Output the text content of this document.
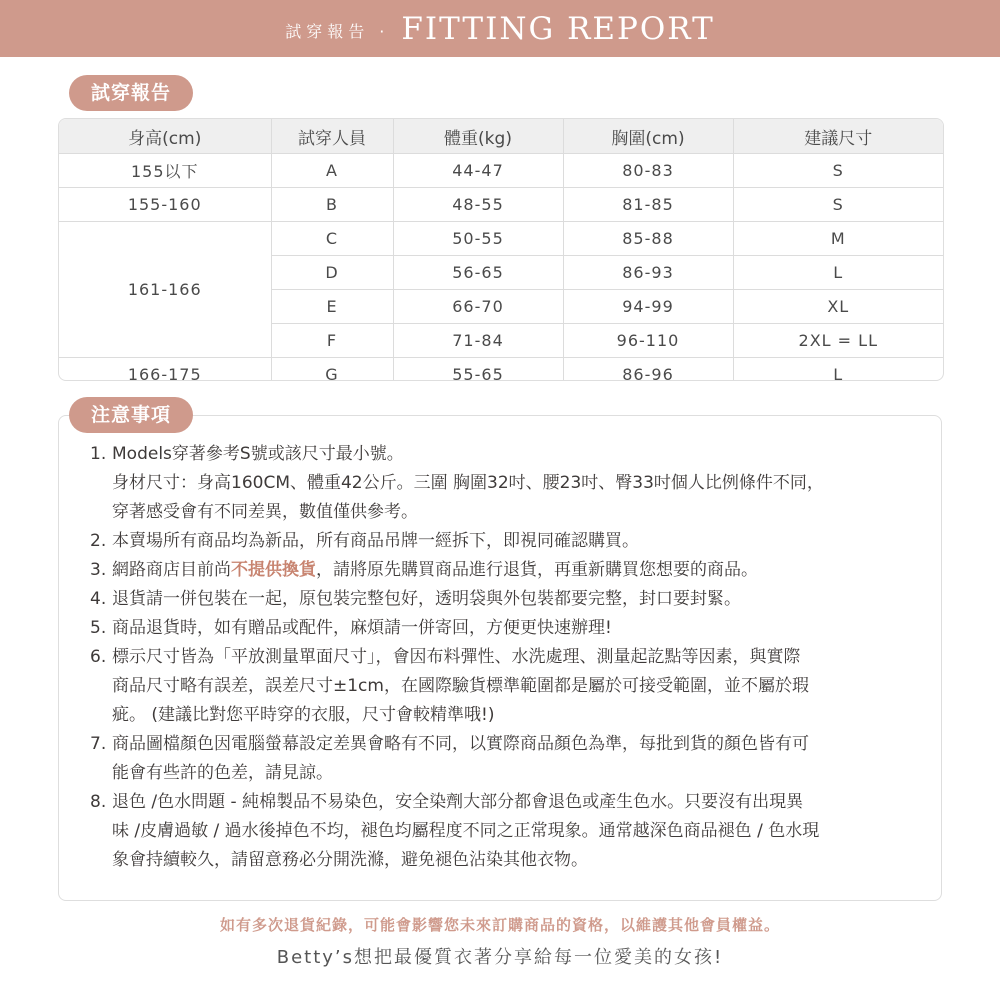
試穿報告 · FITTING REPORT
試穿報告
身高(cm)	試穿人員	體重(kg)	胸圍(cm)	建議尺寸
155以下	A	44-47	80-83	S
155-160	B	48-55	81-85	S
161-166	C	50-55	85-88	M
	D	56-65	86-93	L
	E	66-70	94-99	XL
	F	71-84	96-110	2XL = LL
166-175	G	55-65	86-96	L
注意事項
1. Models穿著參考S號或該尺寸最小號。
身材尺寸：身高160CM、體重42公斤。三圍 胸圍32吋、腰23吋、臀33吋個人比例條件不同，
穿著感受會有不同差異，數值僅供參考。
2. 本賣場所有商品均為新品，所有商品吊牌一經拆下，即視同確認購買。
3. 網路商店目前尚不提供換貨，請將原先購買商品進行退貨，再重新購買您想要的商品。
4. 退貨請一併包裝在一起，原包裝完整包好，透明袋與外包裝都要完整，封口要封緊。
5. 商品退貨時，如有贈品或配件，麻煩請一併寄回，方便更快速辦理!
6. 標示尺寸皆為「平放測量單面尺寸」，會因布料彈性、水洗處理、測量起訖點等因素，與實際
商品尺寸略有誤差，誤差尺寸±1cm，在國際驗貨標準範圍都是屬於可接受範圍，並不屬於瑕
疵。 (建議比對您平時穿的衣服，尺寸會較精準哦!)
7. 商品圖檔顏色因電腦螢幕設定差異會略有不同，以實際商品顏色為準，每批到貨的顏色皆有可
能會有些許的色差，請見諒。
8. 退色 /色水問題 - 純棉製品不易染色，安全染劑大部分都會退色或產生色水。只要沒有出現異
味 /皮膚過敏 / 過水後掉色不均，褪色均屬程度不同之正常現象。通常越深色商品褪色 / 色水現
象會持續較久，請留意務必分開洗滌，避免褪色沾染其他衣物。
如有多次退貨紀錄，可能會影響您未來訂購商品的資格，以維護其他會員權益。
Betty’s想把最優質衣著分享給每一位愛美的女孩!
